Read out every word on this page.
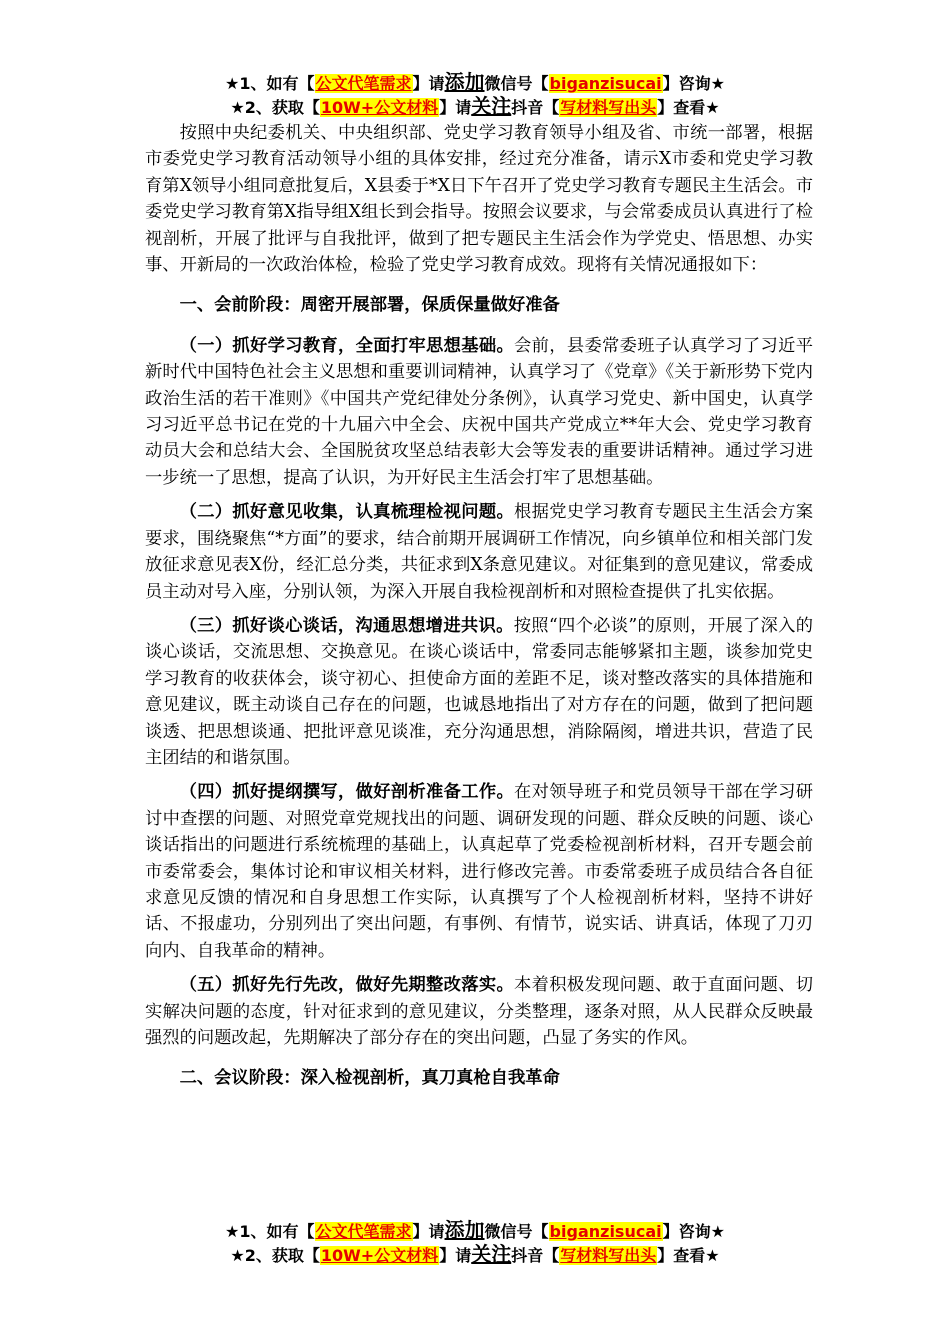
★1、如有【公文代笔需求】请添加微信号【biganzisucai】咨询★
★2、获取【10W+公文材料】请关注抖音【写材料写出头】查看★

按照中央纪委机关、中央组织部、党史学习教育领导小组及省、市统一部署，根据市委党史学习教育活动领导小组的具体安排，经过充分准备，请示X市委和党史学习教育第X领导小组同意批复后，X县委于*X日下午召开了党史学习教育专题民主生活会。市委党史学习教育第X指导组X组长到会指导。按照会议要求，与会常委成员认真进行了检视剖析，开展了批评与自我批评，做到了把专题民主生活会作为学党史、悟思想、办实事、开新局的一次政治体检，检验了党史学习教育成效。现将有关情况通报如下：

一、会前阶段：周密开展部署，保质保量做好准备

（一）抓好学习教育，全面打牢思想基础。会前，县委常委班子认真学习了习近平新时代中国特色社会主义思想和重要训词精神，认真学习了《党章》《关于新形势下党内政治生活的若干准则》《中国共产党纪律处分条例》，认真学习党史、新中国史，认真学习习近平总书记在党的十九届六中全会、庆祝中国共产党成立**年大会、党史学习教育动员大会和总结大会、全国脱贫攻坚总结表彰大会等发表的重要讲话精神。通过学习进一步统一了思想，提高了认识，为开好民主生活会打牢了思想基础。

（二）抓好意见收集，认真梳理检视问题。根据党史学习教育专题民主生活会方案要求，围绕聚焦“*方面”的要求，结合前期开展调研工作情况，向乡镇单位和相关部门发放征求意见表X份，经汇总分类，共征求到X条意见建议。对征集到的意见建议，常委成员主动对号入座，分别认领，为深入开展自我检视剖析和对照检查提供了扎实依据。

（三）抓好谈心谈话，沟通思想增进共识。按照“四个必谈”的原则，开展了深入的谈心谈话，交流思想、交换意见。在谈心谈话中，常委同志能够紧扣主题，谈参加党史学习教育的收获体会，谈守初心、担使命方面的差距不足，谈对整改落实的具体措施和意见建议，既主动谈自己存在的问题，也诚恳地指出了对方存在的问题，做到了把问题谈透、把思想谈通、把批评意见谈准，充分沟通思想，消除隔阂，增进共识，营造了民主团结的和谐氛围。

（四）抓好提纲撰写，做好剖析准备工作。在对领导班子和党员领导干部在学习研讨中查摆的问题、对照党章党规找出的问题、调研发现的问题、群众反映的问题、谈心谈话指出的问题进行系统梳理的基础上，认真起草了党委检视剖析材料，召开专题会前市委常委会，集体讨论和审议相关材料，进行修改完善。市委常委班子成员结合各自征求意见反馈的情况和自身思想工作实际，认真撰写了个人检视剖析材料，坚持不讲好话、不报虚功，分别列出了突出问题，有事例、有情节，说实话、讲真话，体现了刀刃向内、自我革命的精神。

（五）抓好先行先改，做好先期整改落实。本着积极发现问题、敢于直面问题、切实解决问题的态度，针对征求到的意见建议，分类整理，逐条对照，从人民群众反映最强烈的问题改起，先期解决了部分存在的突出问题，凸显了务实的作风。

二、会议阶段：深入检视剖析，真刀真枪自我革命

★1、如有【公文代笔需求】请添加微信号【biganzisucai】咨询★
★2、获取【10W+公文材料】请关注抖音【写材料写出头】查看★
